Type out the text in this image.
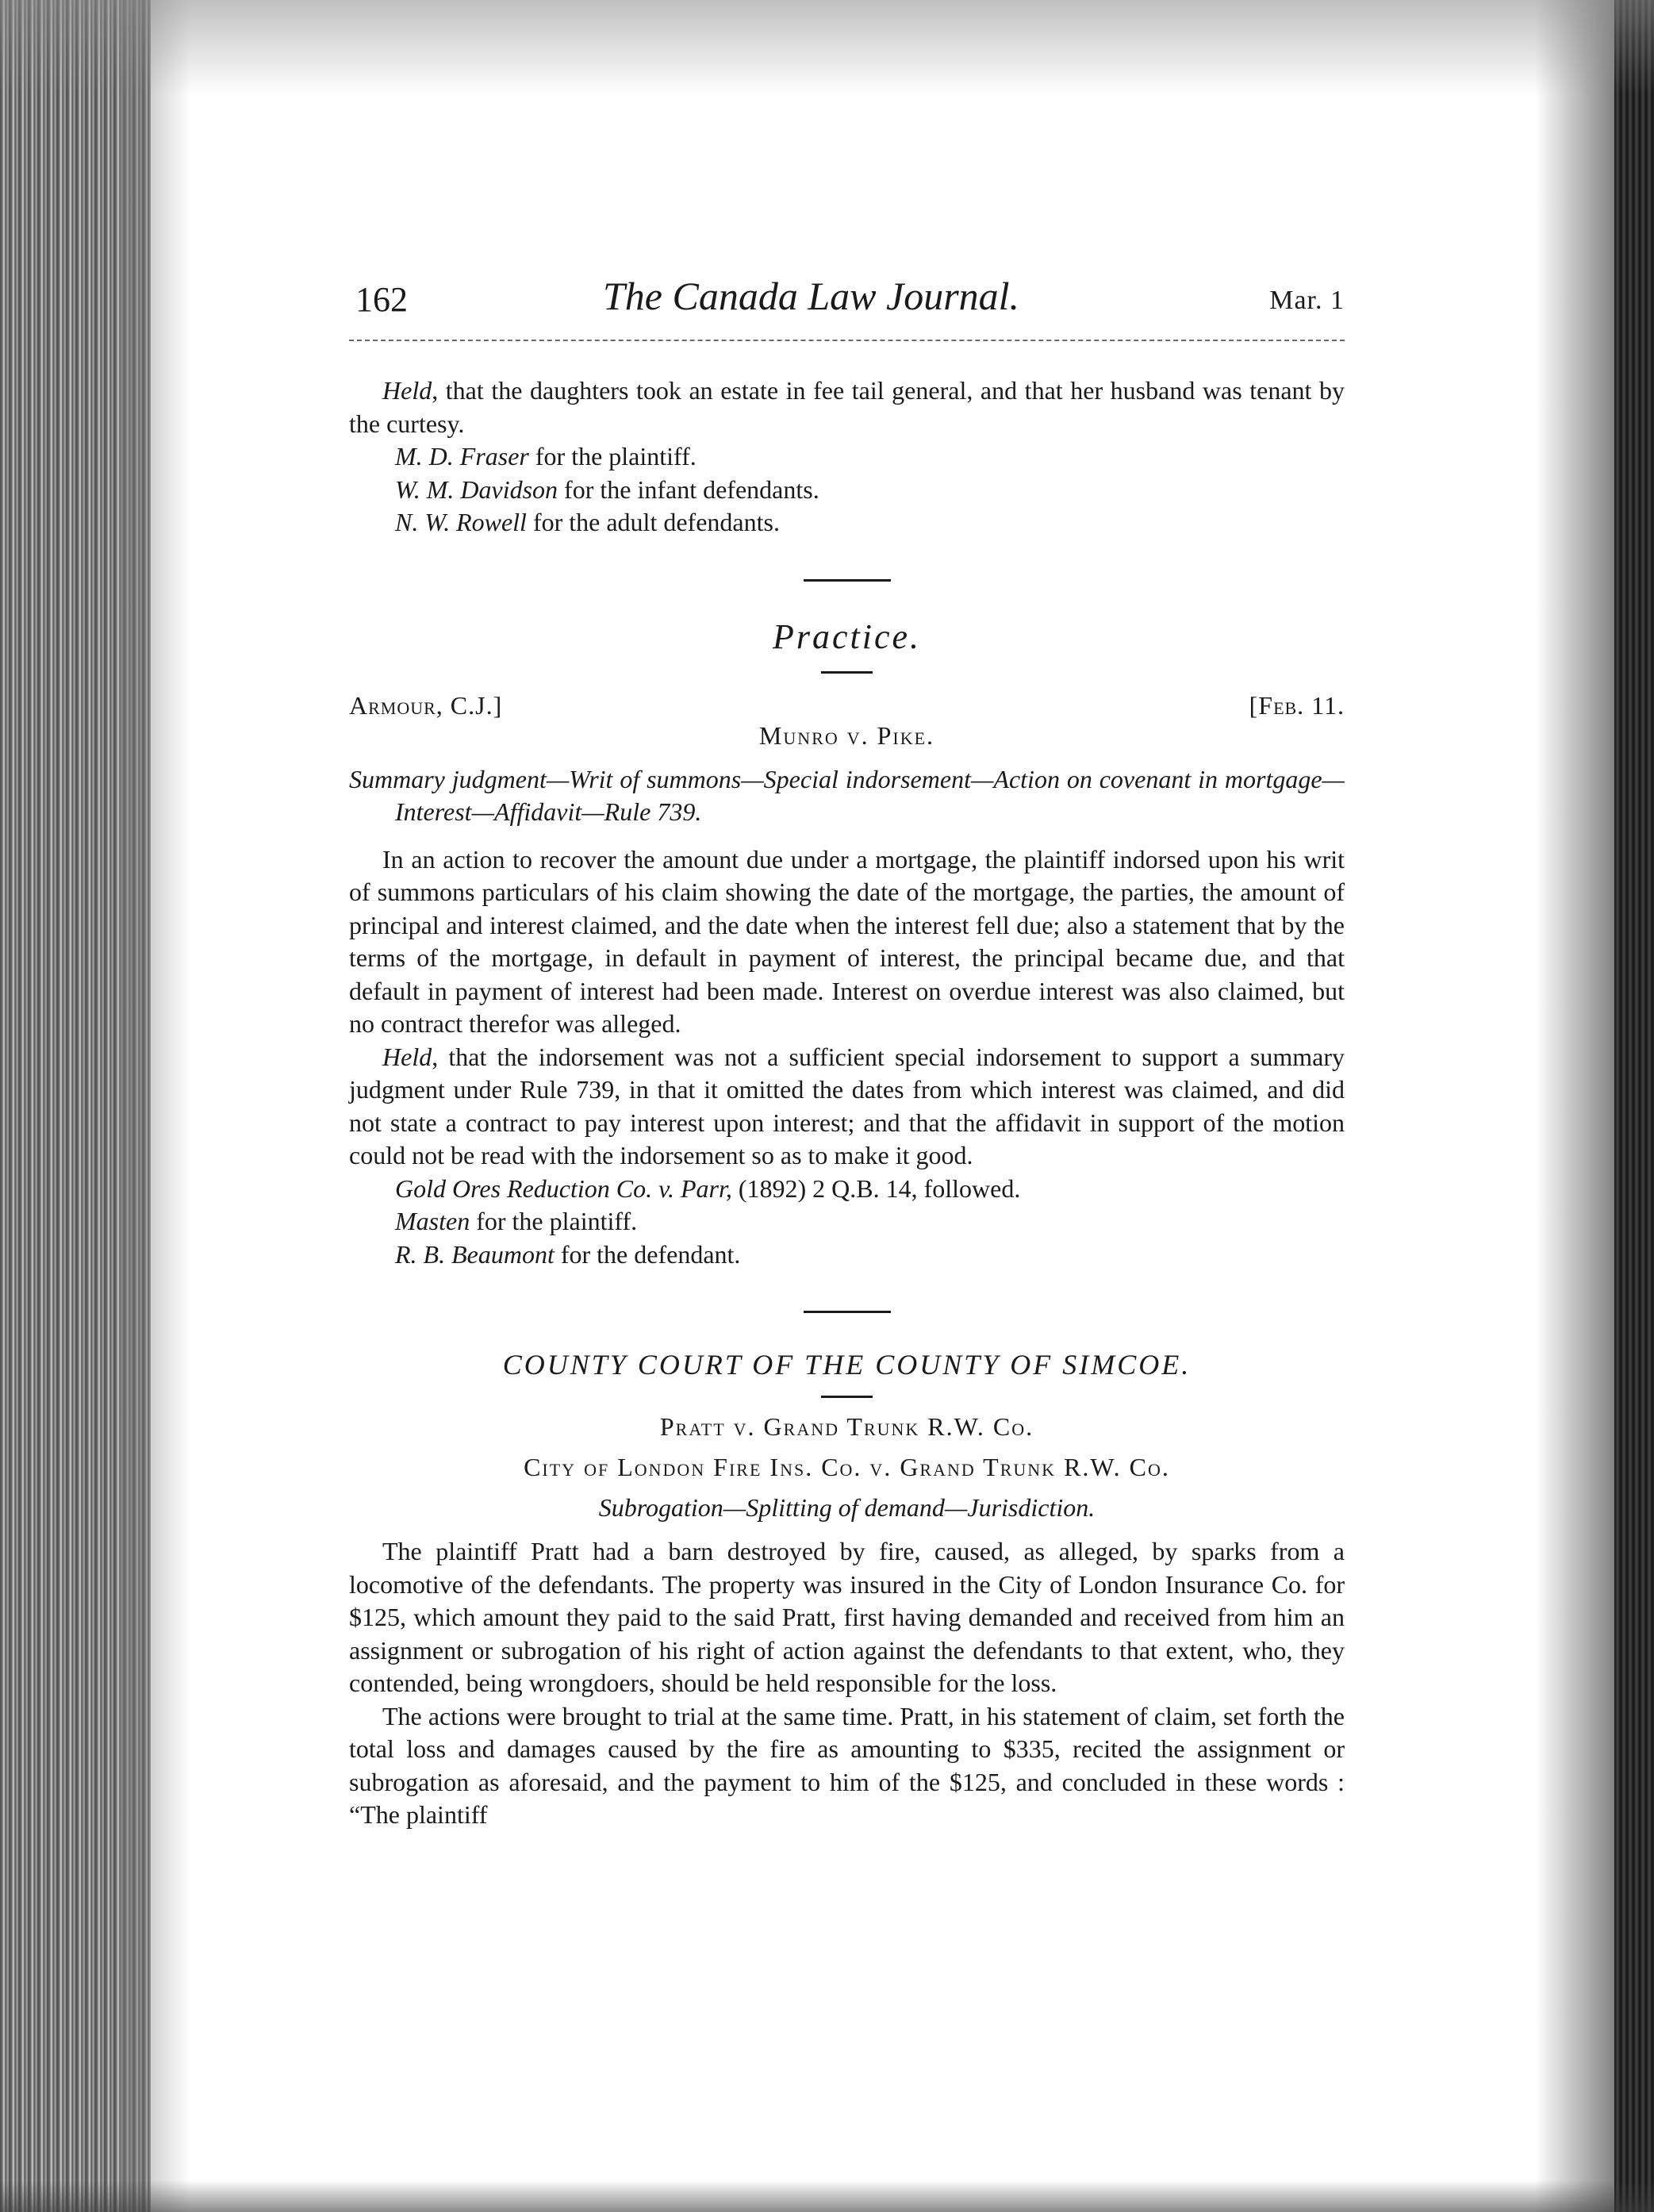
162	The Canada Law Journal.	Mar. 1

Held, that the daughters took an estate in fee tail general, and that her husband was tenant by the curtesy.

M. D. Fraser for the plaintiff.

W. M. Davidson for the infant defendants.

N. W. Rowell for the adult defendants.

Practice.

Armour, C.J.]	[Feb. 11.

Munro v. Pike.

Summary judgment—Writ of summons—Special indorsement—Action on covenant in mortgage—Interest—Affidavit—Rule 739.

In an action to recover the amount due under a mortgage, the plaintiff indorsed upon his writ of summons particulars of his claim showing the date of the mortgage, the parties, the amount of principal and interest claimed, and the date when the interest fell due; also a statement that by the terms of the mortgage, in default in payment of interest, the principal became due, and that default in payment of interest had been made. Interest on overdue interest was also claimed, but no contract therefor was alleged.

Held, that the indorsement was not a sufficient special indorsement to support a summary judgment under Rule 739, in that it omitted the dates from which interest was claimed, and did not state a contract to pay interest upon interest; and that the affidavit in support of the motion could not be read with the indorsement so as to make it good.

Gold Ores Reduction Co. v. Parr, (1892) 2 Q.B. 14, followed.

Masten for the plaintiff.

R. B. Beaumont for the defendant.

COUNTY COURT OF THE COUNTY OF SIMCOE.

Pratt v. Grand Trunk R.W. Co.

City of London Fire Ins. Co. v. Grand Trunk R.W. Co.

Subrogation—Splitting of demand—Jurisdiction.

The plaintiff Pratt had a barn destroyed by fire, caused, as alleged, by sparks from a locomotive of the defendants. The property was insured in the City of London Insurance Co. for $125, which amount they paid to the said Pratt, first having demanded and received from him an assignment or subrogation of his right of action against the defendants to that extent, who, they contended, being wrongdoers, should be held responsible for the loss.

The actions were brought to trial at the same time. Pratt, in his statement of claim, set forth the total loss and damages caused by the fire as amounting to $335, recited the assignment or subrogation as aforesaid, and the payment to him of the $125, and concluded in these words : “The plaintiff
